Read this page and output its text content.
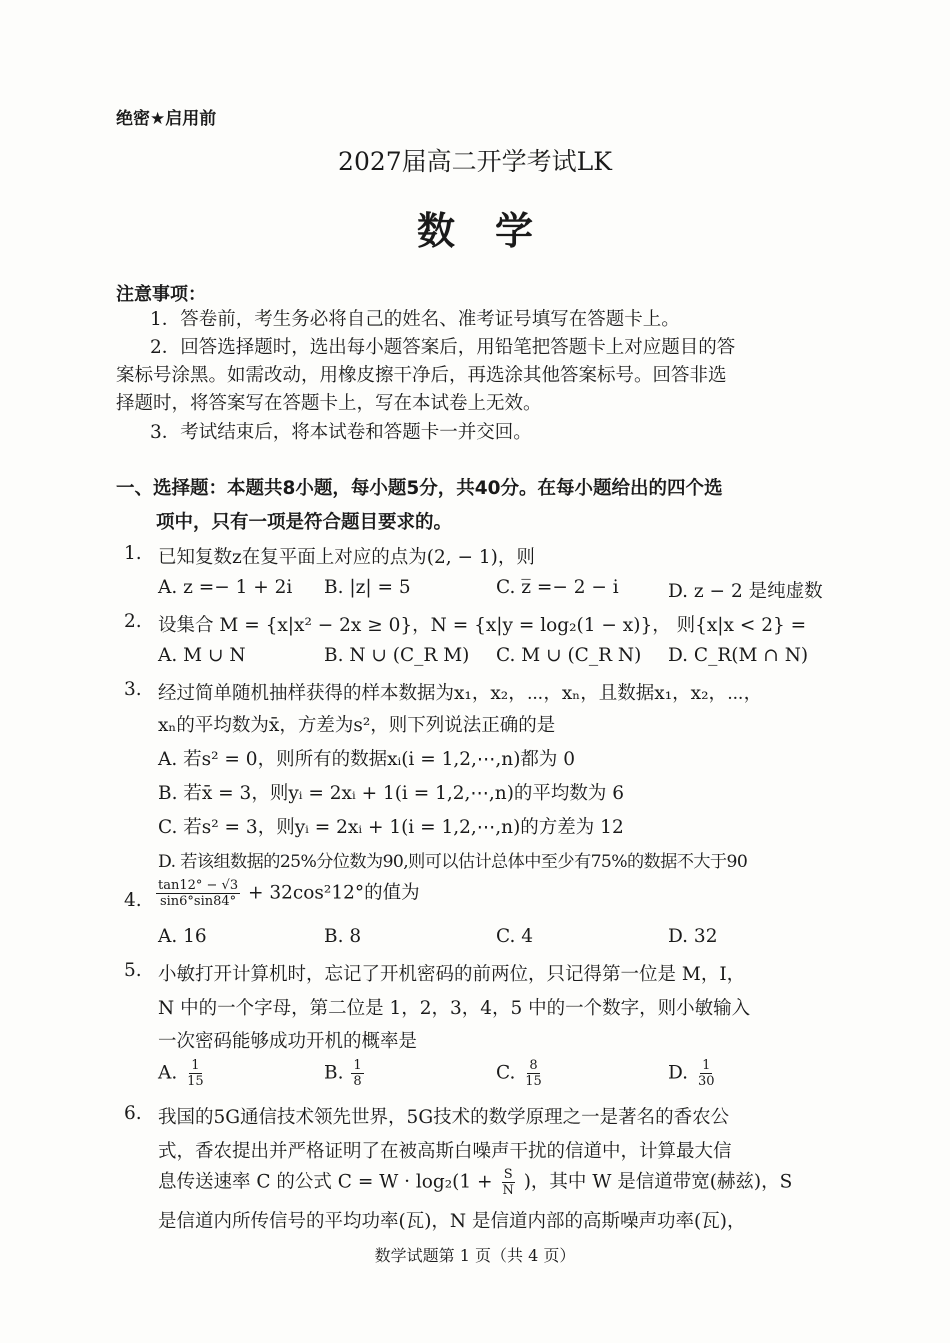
绝密★启用前
2027届高二开学考试LK
数学
注意事项：
1．答卷前，考生务必将自己的姓名、准考证号填写在答题卡上。
2．回答选择题时，选出每小题答案后，用铅笔把答题卡上对应题目的答
案标号涂黑。如需改动，用橡皮擦干净后，再选涂其他答案标号。回答非选
择题时，将答案写在答题卡上，写在本试卷上无效。
3．考试结束后，将本试卷和答题卡一并交回。
一、选择题：本题共8小题，每小题5分，共40分。在每小题给出的四个选
项中，只有一项是符合题目要求的。
1. 已知复数z在复平面上对应的点为(2, − 1)，则
A. z =− 1 + 2i B. |z| = 5	C. z̅ =− 2 − i	D. z − 2 是纯虚数
2. 设集合 M = {x|x² − 2x ≥ 0}，N = {x|y = log₂(1 − x)}， 则{x|x < 2} =
A. M ∪ N	B. N ∪ (C_R M) C. M ∪ (C_R N) D. C_R(M ∩ N)
3. 经过简单随机抽样获得的样本数据为x₁，x₂，⋯，xₙ，且数据x₁，x₂，⋯，
xₙ的平均数为x̄，方差为s²，则下列说法正确的是
A. 若s² = 0，则所有的数据xᵢ(i = 1,2,⋯,n)都为 0
B. 若x̄ = 3，则yᵢ = 2xᵢ + 1(i = 1,2,⋯,n)的平均数为 6
C. 若s² = 3，则yᵢ = 2xᵢ + 1(i = 1,2,⋯,n)的方差为 12
D. 若该组数据的25%分位数为90,则可以估计总体中至少有75%的数据不大于90
4. $\frac{\tan 12^\circ - √3}{\sin 6^\circ\sin 84^\circ} + 32\cos^212^\circ$的值为
A. 16	B. 8	C. 4	D. 32
5. 小敏打开计算机时，忘记了开机密码的前两位，只记得第一位是 M，I，
N 中的一个字母，第二位是 1，2，3，4，5 中的一个数字，则小敏输入
一次密码能够成功开机的概率是
A. $\frac{1}{15}$	B. $\frac{1}{8}$	C. $\frac{8}{15}$	D. $\frac{1}{30}$
6. 我国的5G通信技术领先世界，5G技术的数学原理之一是著名的香农公
式，香农提出并严格证明了在被高斯白噪声干扰的信道中，计算最大信
息传送速率 C 的公式 $C = W \cdot \log_2(1 + \frac{S}{N}$ )，其中 W 是信道带宽(赫兹)，S
是信道内所传信号的平均功率(瓦)，N 是信道内部的高斯噪声功率(瓦)，
数学试题第 1 页（共 4 页）
